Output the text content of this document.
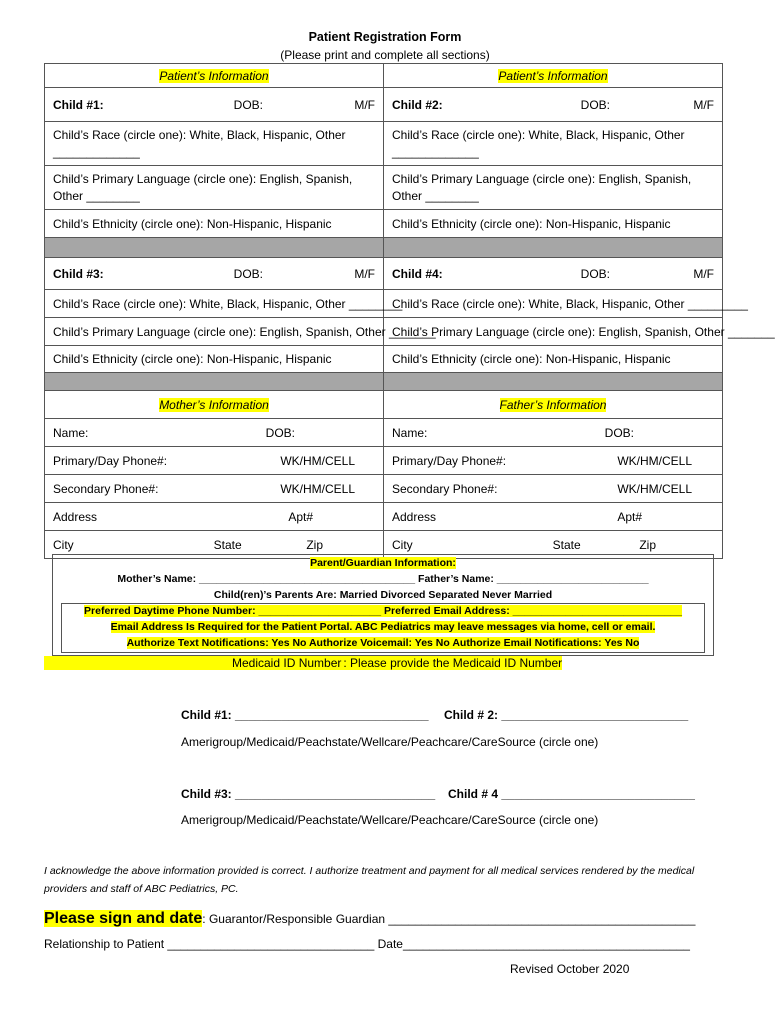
Patient Registration Form
(Please print and complete all sections)
Patient’s Information	Patient’s Information

Child #1: DOB: M/F	Child #2: DOB: M/F

Child’s Race (circle one): White, Black, Hispanic, Other _____________	Child’s Race (circle one): White, Black, Hispanic, Other _____________
Child’s Primary Language (circle one): English, Spanish, Other ________	Child’s Primary Language (circle one): English, Spanish, Other ________
Child’s Ethnicity (circle one): Non-Hispanic, Hispanic	Child’s Ethnicity (circle one): Non-Hispanic, Hispanic

Child #3: DOB: M/F	Child #4: DOB: M/F

Child’s Race (circle one): White, Black, Hispanic, Other ________	Child’s Race (circle one): White, Black, Hispanic, Other _________
Child’s Primary Language (circle one): English, Spanish, Other _______	Child’s Primary Language (circle one): English, Spanish, Other _______
Child’s Ethnicity (circle one): Non-Hispanic, Hispanic	Child’s Ethnicity (circle one): Non-Hispanic, Hispanic

Mother’s Information	Father’s Information

Name: DOB:	Name: DOB:

Primary/Day Phone#: WK/HM/CELL	Primary/Day Phone#: WK/HM/CELL

Secondary Phone#: WK/HM/CELL	Secondary Phone#: WK/HM/CELL

Address Apt#	Address Apt#

City State Zip	City State Zip
Parent/Guardian Information:
Mother’s Name: _____________________________________ Father’s Name: __________________________
Child(ren)’s Parents Are: Married Divorced Separated Never Married
Preferred Daytime Phone Number: _____________________ Preferred Email Address: _____________________________
Email Address Is Required for the Patient Portal. ABC Pediatrics may leave messages via home, cell or email.
Authorize Text Notifications: Yes No Authorize Voicemail: Yes No Authorize Email Notifications: Yes No
Medicaid ID Number : Please provide the Medicaid ID Number
Child #1: _____________________________ Child # 2: ____________________________
Amerigroup/Medicaid/Peachstate/Wellcare/Peachcare/CareSource (circle one)
Child #3: ______________________________ Child # 4 _____________________________
Amerigroup/Medicaid/Peachstate/Wellcare/Peachcare/CareSource (circle one)
I acknowledge the above information provided is correct. I authorize treatment and payment for all medical services rendered by the medical providers and staff of ABC Pediatrics, PC.
Please sign and date: Guarantor/Responsible Guardian ______________________________________________
Relationship to Patient _______________________________ Date___________________________________________
Revised October 2020
